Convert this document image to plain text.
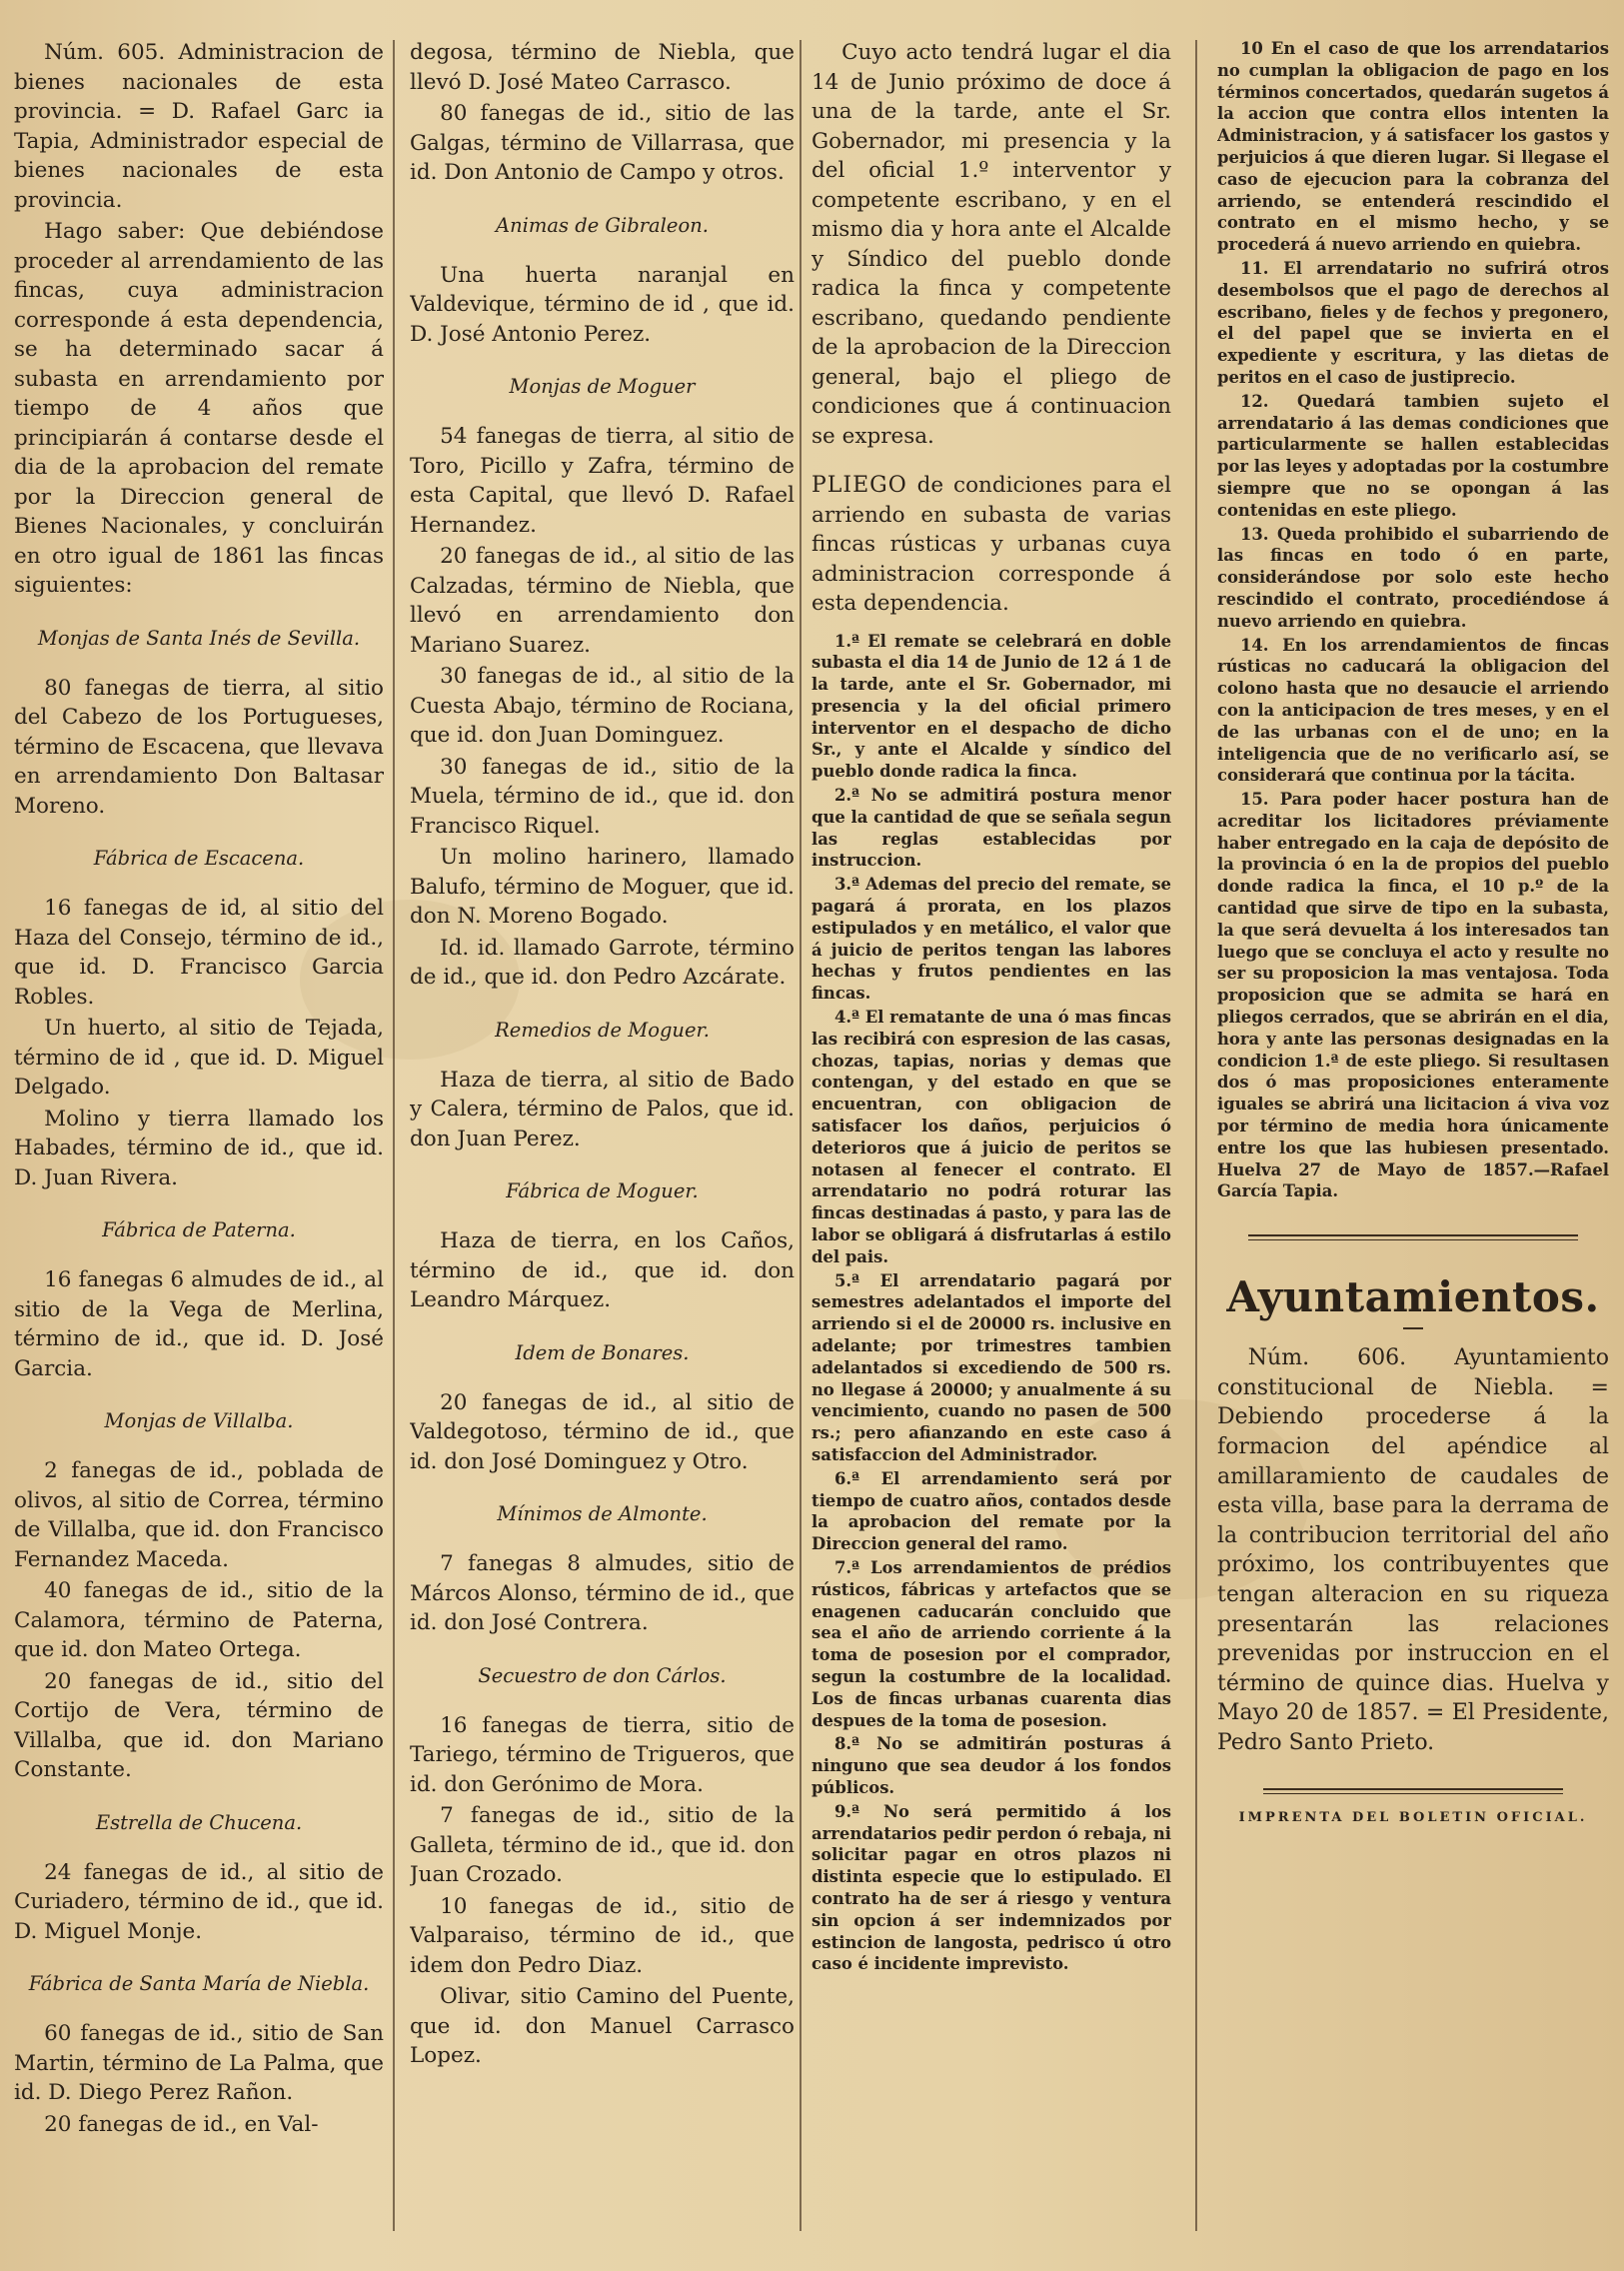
Núm. 605. Administracion de bienes nacionales de esta provincia. = D. Rafael Garc ia Tapia, Administrador especial de bienes nacionales de esta provincia.
Hago saber: Que debiéndose proceder al arrendamiento de las fincas, cuya administracion corresponde á esta dependencia, se ha determinado sacar á subasta en arrendamiento por tiempo de 4 años que principiarán á contarse desde el dia de la aprobacion del remate por la Direccion general de Bienes Nacionales, y concluirán en otro igual de 1861 las fincas siguientes:
Monjas de Santa Inés de Sevilla.
80 fanegas de tierra, al sitio del Cabezo de los Portugueses, término de Escacena, que llevava en arrendamiento Don Baltasar Moreno.
Fábrica de Escacena.
16 fanegas de id, al sitio del Haza del Consejo, término de id., que id. D. Francisco Garcia Robles.
Un huerto, al sitio de Tejada, término de id , que id. D. Miguel Delgado.
Molino y tierra llamado los Habades, término de id., que id. D. Juan Rivera.
Fábrica de Paterna.
16 fanegas 6 almudes de id., al sitio de la Vega de Merlina, término de id., que id. D. José Garcia.
Monjas de Villalba.
2 fanegas de id., poblada de olivos, al sitio de Correa, término de Villalba, que id. don Francisco Fernandez Maceda.
40 fanegas de id., sitio de la Calamora, término de Paterna, que id. don Mateo Ortega.
20 fanegas de id., sitio del Cortijo de Vera, término de Villalba, que id. don Mariano Constante.
Estrella de Chucena.
24 fanegas de id., al sitio de Curiadero, término de id., que id. D. Miguel Monje.
Fábrica de Santa María de Niebla.
60 fanegas de id., sitio de San Martin, término de La Palma, que id. D. Diego Perez Rañon.
20 fanegas de id., en Val-
degosa, término de Niebla, que llevó D. José Mateo Carrasco.
80 fanegas de id., sitio de las Galgas, término de Villarrasa, que id. Don Antonio de Campo y otros.
Animas de Gibraleon.
Una huerta naranjal en Valdevique, término de id , que id. D. José Antonio Perez.
Monjas de Moguer
54 fanegas de tierra, al sitio de Toro, Picillo y Zafra, término de esta Capital, que llevó D. Rafael Hernandez.
20 fanegas de id., al sitio de las Calzadas, término de Niebla, que llevó en arrendamiento don Mariano Suarez.
30 fanegas de id., al sitio de la Cuesta Abajo, término de Rociana, que id. don Juan Dominguez.
30 fanegas de id., sitio de la Muela, término de id., que id. don Francisco Riquel.
Un molino harinero, llamado Balufo, término de Moguer, que id. don N. Moreno Bogado.
Id. id. llamado Garrote, término de id., que id. don Pedro Azcárate.
Remedios de Moguer.
Haza de tierra, al sitio de Bado y Calera, término de Palos, que id. don Juan Perez.
Fábrica de Moguer.
Haza de tierra, en los Caños, término de id., que id. don Leandro Márquez.
Idem de Bonares.
20 fanegas de id., al sitio de Valdegotoso, término de id., que id. don José Dominguez y Otro.
Mínimos de Almonte.
7 fanegas 8 almudes, sitio de Márcos Alonso, término de id., que id. don José Contrera.
Secuestro de don Cárlos.
16 fanegas de tierra, sitio de Tariego, término de Trigueros, que id. don Gerónimo de Mora.
7 fanegas de id., sitio de la Galleta, término de id., que id. don Juan Crozado.
10 fanegas de id., sitio de Valparaiso, término de id., que idem don Pedro Diaz.
Olivar, sitio Camino del Puente, que id. don Manuel Carrasco Lopez.
Cuyo acto tendrá lugar el dia 14 de Junio próximo de doce á una de la tarde, ante el Sr. Gobernador, mi presencia y la del oficial 1.º interventor y competente escribano, y en el mismo dia y hora ante el Alcalde y Síndico del pueblo donde radica la finca y competente escribano, quedando pendiente de la aprobacion de la Direccion general, bajo el pliego de condiciones que á continuacion se expresa.
PLIEGO de condiciones para el arriendo en subasta de varias fincas rústicas y urbanas cuya administracion corresponde á esta dependencia.
1.ª El remate se celebrará en doble subasta el dia 14 de Junio de 12 á 1 de la tarde, ante el Sr. Gobernador, mi presencia y la del oficial primero interventor en el despacho de dicho Sr., y ante el Alcalde y síndico del pueblo donde radica la finca.
2.ª No se admitirá postura menor que la cantidad de que se señala segun las reglas establecidas por instruccion.
3.ª Ademas del precio del remate, se pagará á prorata, en los plazos estipulados y en metálico, el valor que á juicio de peritos tengan las labores hechas y frutos pendientes en las fincas.
4.ª El rematante de una ó mas fincas las recibirá con espresion de las casas, chozas, tapias, norias y demas que contengan, y del estado en que se encuentran, con obligacion de satisfacer los daños, perjuicios ó deterioros que á juicio de peritos se notasen al fenecer el contrato. El arrendatario no podrá roturar las fincas destinadas á pasto, y para las de labor se obligará á disfrutarlas á estilo del pais.
5.ª El arrendatario pagará por semestres adelantados el importe del arriendo si el de 20000 rs. inclusive en adelante; por trimestres tambien adelantados si excediendo de 500 rs. no llegase á 20000; y anualmente á su vencimiento, cuando no pasen de 500 rs.; pero afianzando en este caso á satisfaccion del Administrador.
6.ª El arrendamiento será por tiempo de cuatro años, contados desde la aprobacion del remate por la Direccion general del ramo.
7.ª Los arrendamientos de prédios rústicos, fábricas y artefactos que se enagenen caducarán concluido que sea el año de arriendo corriente á la toma de posesion por el comprador, segun la costumbre de la localidad. Los de fincas urbanas cuarenta dias despues de la toma de posesion.
8.ª No se admitirán posturas á ninguno que sea deudor á los fondos públicos.
9.ª No será permitido á los arrendatarios pedir perdon ó rebaja, ni solicitar pagar en otros plazos ni distinta especie que lo estipulado. El contrato ha de ser á riesgo y ventura sin opcion á ser indemnizados por estincion de langosta, pedrisco ú otro caso é incidente imprevisto.
10 En el caso de que los arrendatarios no cumplan la obligacion de pago en los términos concertados, quedarán sugetos á la accion que contra ellos intenten la Administracion, y á satisfacer los gastos y perjuicios á que dieren lugar. Si llegase el caso de ejecucion para la cobranza del arriendo, se entenderá rescindido el contrato en el mismo hecho, y se procederá á nuevo arriendo en quiebra.
11. El arrendatario no sufrirá otros desembolsos que el pago de derechos al escribano, fieles y de fechos y pregonero, el del papel que se invierta en el expediente y escritura, y las dietas de peritos en el caso de justiprecio.
12. Quedará tambien sujeto el arrendatario á las demas condiciones que particularmente se hallen establecidas por las leyes y adoptadas por la costumbre siempre que no se opongan á las contenidas en este pliego.
13. Queda prohibido el subarriendo de las fincas en todo ó en parte, considerándose por solo este hecho rescindido el contrato, procediéndose á nuevo arriendo en quiebra.
14. En los arrendamientos de fincas rústicas no caducará la obligacion del colono hasta que no desaucie el arriendo con la anticipacion de tres meses, y en el de las urbanas con el de uno; en la inteligencia que de no verificarlo así, se considerará que continua por la tácita.
15. Para poder hacer postura han de acreditar los licitadores préviamente haber entregado en la caja de depósito de la provincia ó en la de propios del pueblo donde radica la finca, el 10 p.º de la cantidad que sirve de tipo en la subasta, la que será devuelta á los interesados tan luego que se concluya el acto y resulte no ser su proposicion la mas ventajosa. Toda proposicion que se admita se hará en pliegos cerrados, que se abrirán en el dia, hora y ante las personas designadas en la condicion 1.ª de este pliego. Si resultasen dos ó mas proposiciones enteramente iguales se abrirá una licitacion á viva voz por término de media hora únicamente entre los que las hubiesen presentado. Huelva 27 de Mayo de 1857.—Rafael García Tapia.
Ayuntamientos.
Núm. 606. Ayuntamiento constitucional de Niebla. = Debiendo procederse á la formacion del apéndice al amillaramiento de caudales de esta villa, base para la derrama de la contribucion territorial del año próximo, los contribuyentes que tengan alteracion en su riqueza presentarán las relaciones prevenidas por instruccion en el término de quince dias. Huelva y Mayo 20 de 1857. = El Presidente, Pedro Santo Prieto.
IMPRENTA DEL BOLETIN OFICIAL.
